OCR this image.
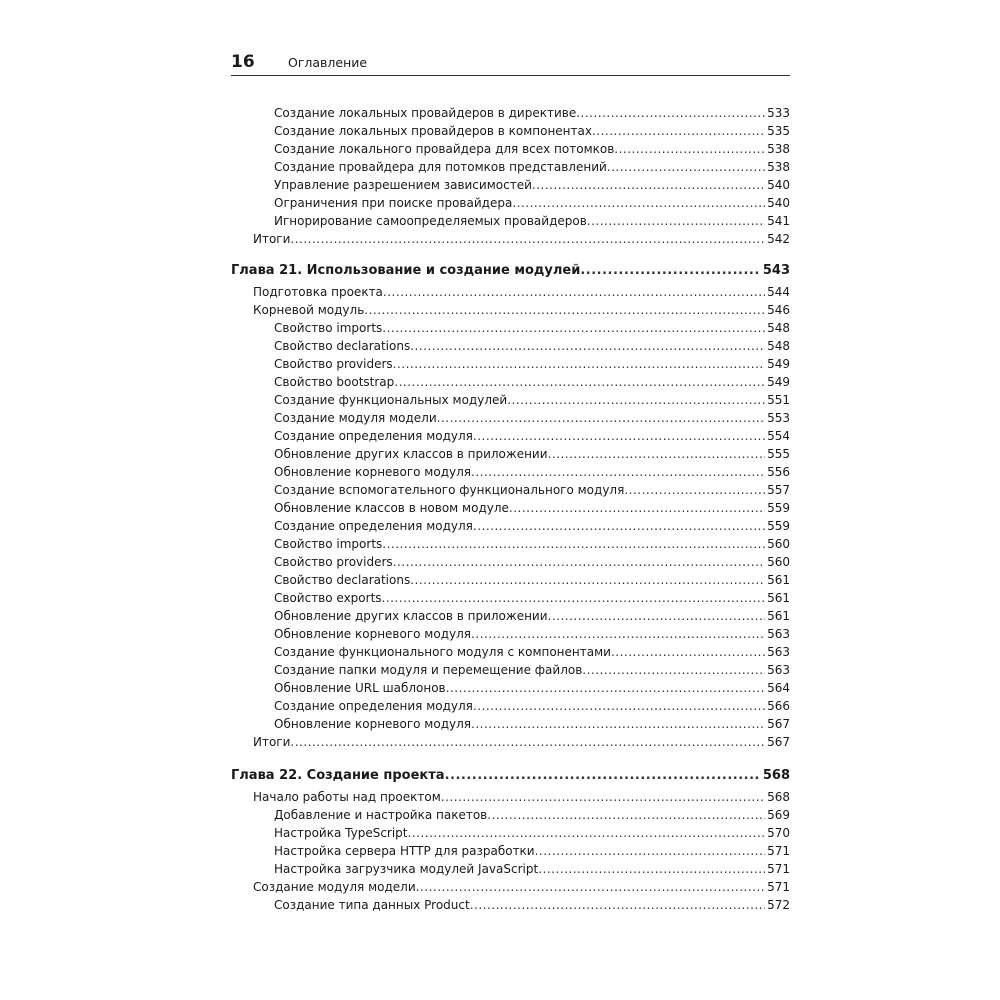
16	Оглавление
Создание локальных провайдеров в директиве .....	533
Создание локальных провайдеров в компонентах .....	535
Создание локального провайдера для всех потомков .....	538
Создание провайдера для потомков представлений .....	538
Управление разрешением зависимостей .....	540
Ограничения при поиске провайдера .....	540
Игнорирование самоопределяемых провайдеров .....	541
Итоги .....	542
Глава 21. Использование и создание модулей .....	543
Подготовка проекта .....	544
Корневой модуль .....	546
Свойство imports .....	548
Свойство declarations .....	548
Свойство providers .....	549
Свойство bootstrap .....	549
Создание функциональных модулей .....	551
Создание модуля модели .....	553
Создание определения модуля .....	554
Обновление других классов в приложении .....	555
Обновление корневого модуля .....	556
Создание вспомогательного функционального модуля .....	557
Обновление классов в новом модуле .....	559
Создание определения модуля .....	559
Свойство imports .....	560
Свойство providers .....	560
Свойство declarations .....	561
Свойство exports .....	561
Обновление других классов в приложении .....	561
Обновление корневого модуля .....	563
Создание функционального модуля с компонентами .....	563
Создание папки модуля и перемещение файлов .....	563
Обновление URL шаблонов .....	564
Создание определения модуля .....	566
Обновление корневого модуля .....	567
Итоги .....	567
Глава 22. Создание проекта .....	568
Начало работы над проектом .....	568
Добавление и настройка пакетов .....	569
Настройка TypeScript .....	570
Настройка сервера HTTP для разработки .....	571
Настройка загрузчика модулей JavaScript .....	571
Создание модуля модели .....	571
Создание типа данных Product .....	572
